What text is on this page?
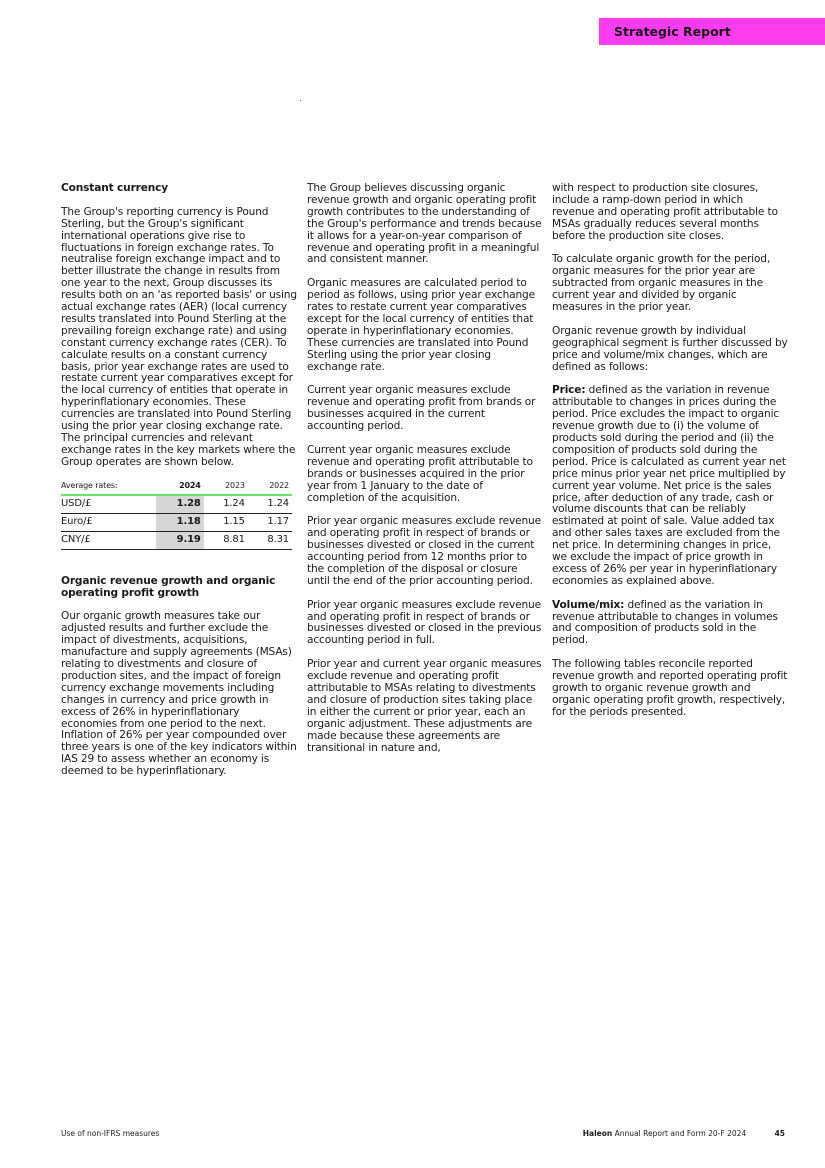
Strategic Report

Constant currency

The Group's reporting currency is Pound Sterling, but the Group's significant international operations give rise to fluctuations in foreign exchange rates. To neutralise foreign exchange impact and to better illustrate the change in results from one year to the next, Group discusses its results both on an 'as reported basis' or using actual exchange rates (AER) (local currency results translated into Pound Sterling at the prevailing foreign exchange rate) and using constant currency exchange rates (CER). To calculate results on a constant currency basis, prior year exchange rates are used to restate current year comparatives except for the local currency of entities that operate in hyperinflationary economies. These currencies are translated into Pound Sterling using the prior year closing exchange rate. The principal currencies and relevant exchange rates in the key markets where the Group operates are shown below.

Average rates:	2024	2023	2022
USD/£	1.28	1.24	1.24
Euro/£	1.18	1.15	1.17
CNY/£	9.19	8.81	8.31

Organic revenue growth and organic operating profit growth

Our organic growth measures take our adjusted results and further exclude the impact of divestments, acquisitions, manufacture and supply agreements (MSAs) relating to divestments and closure of production sites, and the impact of foreign currency exchange movements including changes in currency and price growth in excess of 26% in hyperinflationary economies from one period to the next. Inflation of 26% per year compounded over three years is one of the key indicators within IAS 29 to assess whether an economy is deemed to be hyperinflationary.

The Group believes discussing organic revenue growth and organic operating profit growth contributes to the understanding of the Group's performance and trends because it allows for a year-on-year comparison of revenue and operating profit in a meaningful and consistent manner.

Organic measures are calculated period to period as follows, using prior year exchange rates to restate current year comparatives except for the local currency of entities that operate in hyperinflationary economies. These currencies are translated into Pound Sterling using the prior year closing exchange rate.

Current year organic measures exclude revenue and operating profit from brands or businesses acquired in the current accounting period.

Current year organic measures exclude revenue and operating profit attributable to brands or businesses acquired in the prior year from 1 January to the date of completion of the acquisition.

Prior year organic measures exclude revenue and operating profit in respect of brands or businesses divested or closed in the current accounting period from 12 months prior to the completion of the disposal or closure until the end of the prior accounting period.

Prior year organic measures exclude revenue and operating profit in respect of brands or businesses divested or closed in the previous accounting period in full.

Prior year and current year organic measures exclude revenue and operating profit attributable to MSAs relating to divestments and closure of production sites taking place in either the current or prior year, each an organic adjustment. These adjustments are made because these agreements are transitional in nature and,

with respect to production site closures, include a ramp-down period in which revenue and operating profit attributable to MSAs gradually reduces several months before the production site closes.

To calculate organic growth for the period, organic measures for the prior year are subtracted from organic measures in the current year and divided by organic measures in the prior year.

Organic revenue growth by individual geographical segment is further discussed by price and volume/mix changes, which are defined as follows:

Price: defined as the variation in revenue attributable to changes in prices during the period. Price excludes the impact to organic revenue growth due to (i) the volume of products sold during the period and (ii) the composition of products sold during the period. Price is calculated as current year net price minus prior year net price multiplied by current year volume. Net price is the sales price, after deduction of any trade, cash or volume discounts that can be reliably estimated at point of sale. Value added tax and other sales taxes are excluded from the net price. In determining changes in price, we exclude the impact of price growth in excess of 26% per year in hyperinflationary economies as explained above.

Volume/mix: defined as the variation in revenue attributable to changes in volumes and composition of products sold in the period.

The following tables reconcile reported revenue growth and reported operating profit growth to organic revenue growth and organic operating profit growth, respectively, for the periods presented.

Use of non-IFRS measures	Haleon Annual Report and Form 20-F 2024	45
